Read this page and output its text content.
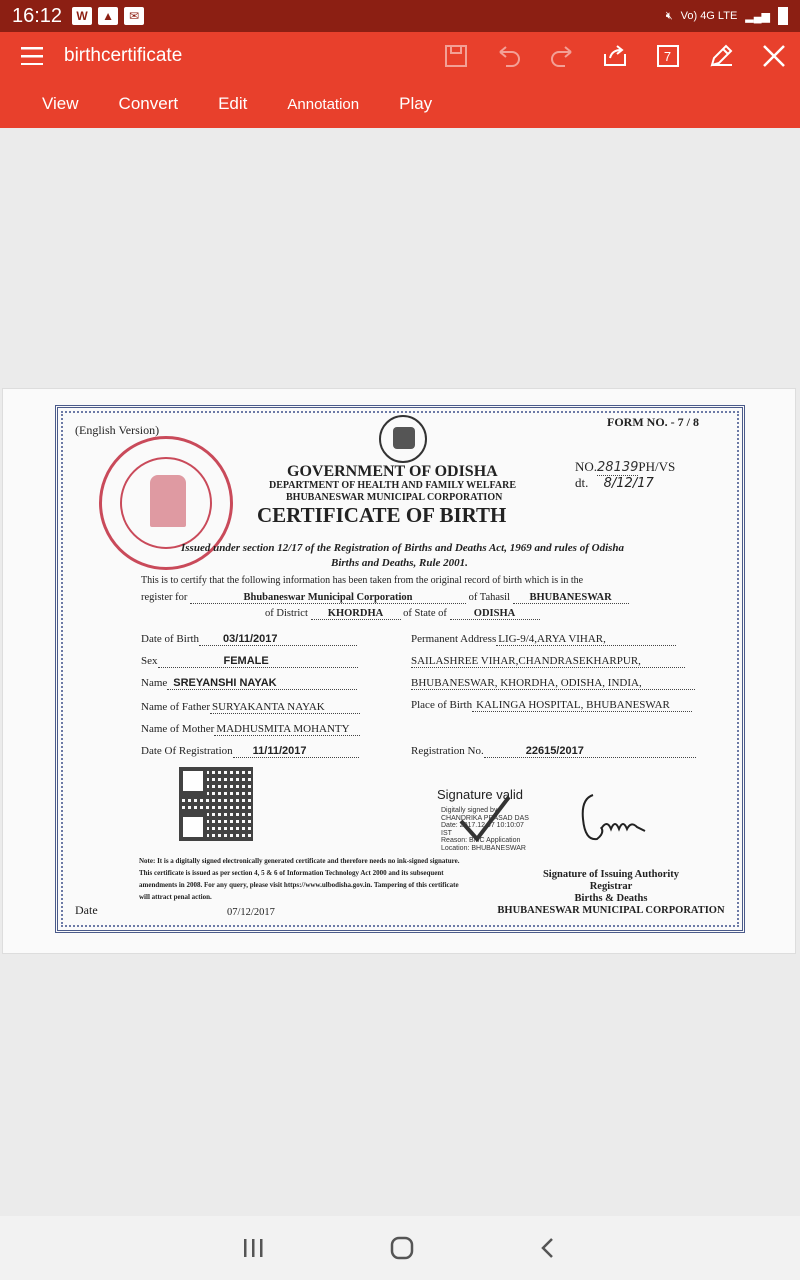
16:12	W	▲	✉	🔇︎ Vo) 4G LTE ▂▄▆
birthcertificate	7
View	Convert	Edit	Annotation	Play
(English Version)
FORM NO. - 7 / 8
GOVERNMENT OF ODISHA
DEPARTMENT OF HEALTH AND FAMILY WELFARE
BHUBANESWAR MUNICIPAL CORPORATION
CERTIFICATE OF BIRTH
NO.28139PH/VS
dt. 8/12/17
Issued under section 12/17 of the Registration of Births and Deaths Act, 1969 and rules of Odisha
Births and Deaths, Rule 2001.
This is to certify that the following information has been taken from the original record of birth which is in the
register for	Bhubaneswar Municipal Corporation	of Tahasil BHUBANESWAR
of District KHORDHA of State of	ODISHA
Date of Birth 03/11/2017
Sex	FEMALE
Name SREYANSHI NAYAK
Name of Father SURYAKANTA NAYAK
Name of Mother MADHUSMITA MOHANTY
Date Of Registration 11/11/2017
Permanent Address LIG-9/4,ARYA VIHAR,
SAILASHREE VIHAR,CHANDRASEKHARPUR,
BHUBANESWAR, KHORDHA, ODISHA, INDIA,
Place of Birth KALINGA HOSPITAL, BHUBANESWAR
Registration No.	22615/2017
Signature valid
Digitally signed by
CHANDRIKA PRASAD DAS
Date: 2017.12.07 10:10:07
IST
Reason: BMC Application
Location: BHUBANESWAR
Note: It is a digitally signed electronically generated certificate and therefore needs no ink-signed signature.
This certificate is issued as per section 4, 5 & 6 of Information Technology Act 2000 and its subsequent
amendments in 2008. For any query, please visit https://www.ulbodisha.gov.in. Tampering of this certificate
will attract penal action.
Signature of Issuing Authority
Registrar
Births & Deaths
BHUBANESWAR MUNICIPAL CORPORATION
Date	07/12/2017
